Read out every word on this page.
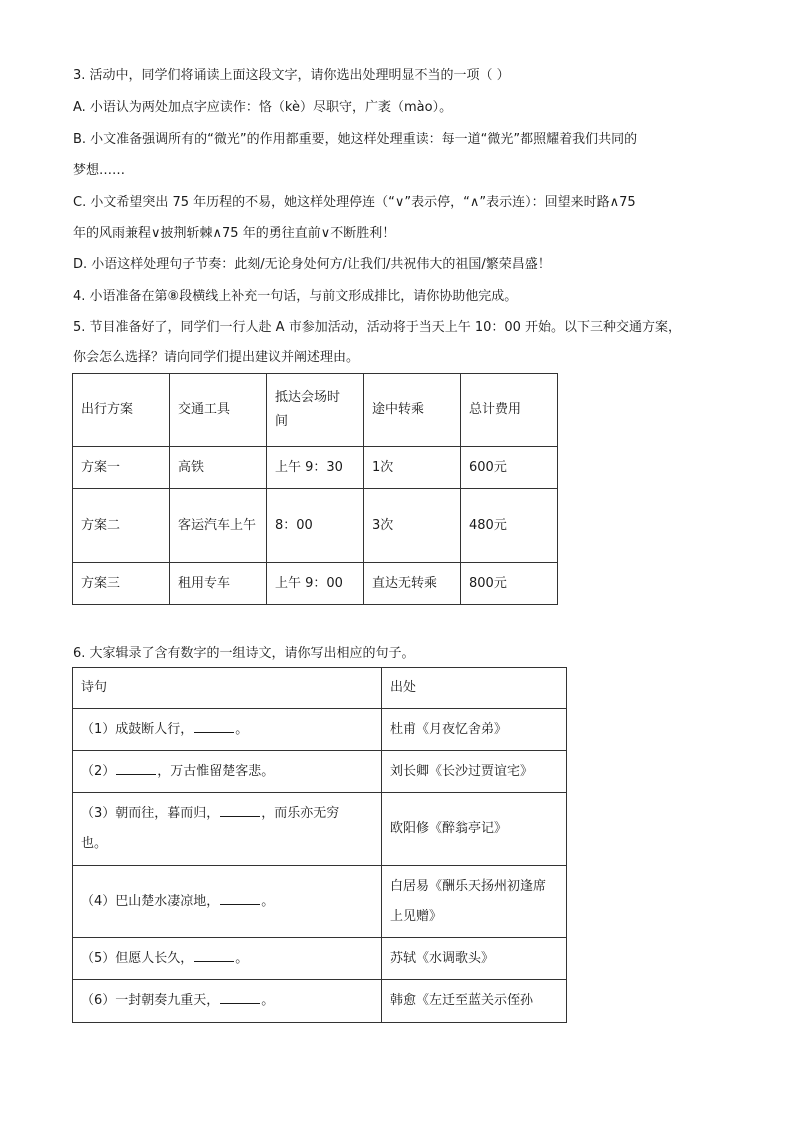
3. 活动中，同学们将诵读上面这段文字，请你选出处理明显不当的一项（ ）
A. 小语认为两处加点字应读作：恪（kè）尽职守，广袤（mào）。
B. 小文准备强调所有的“微光”的作用都重要，她这样处理重读：每一道“微光”都照耀着我们共同的
梦想……
C. 小文希望突出 75 年历程的不易，她这样处理停连（“∨”表示停，“∧”表示连）：回望来时路∧75
年的风雨兼程∨披荆斩棘∧75 年的勇往直前∨不断胜利！
D. 小语这样处理句子节奏：此刻/无论身处何方/让我们/共祝伟大的祖国/繁荣昌盛！
4. 小语准备在第⑧段横线上补充一句话，与前文形成排比，请你协助他完成。
5. 节目准备好了，同学们一行人赴 A 市参加活动，活动将于当天上午 10：00 开始。以下三种交通方案，
你会怎么选择？请向同学们提出建议并阐述理由。
出行方案	交通工具	抵达会场时间	途中转乘	总计费用
方案一	高铁	上午 9：30	1次	600元
方案二	客运汽车上午	8：00	3次	480元
方案三	租用专车	上午 9：00	直达无转乘	800元
6. 大家辑录了含有数字的一组诗文，请你写出相应的句子。
诗句	出处
（1）成鼓断人行， 。	杜甫《月夜忆舍弟》
（2） ，万古惟留楚客悲。	刘长卿《长沙过贾谊宅》
（3）朝而往，暮而归， ，而乐亦无穷也。	欧阳修《醉翁亭记》
（4）巴山楚水凄凉地， 。	白居易《酬乐天扬州初逢席上见赠》
（5）但愿人长久， 。	苏轼《水调歌头》
（6）一封朝奏九重天， 。	韩愈《左迁至蓝关示侄孙
